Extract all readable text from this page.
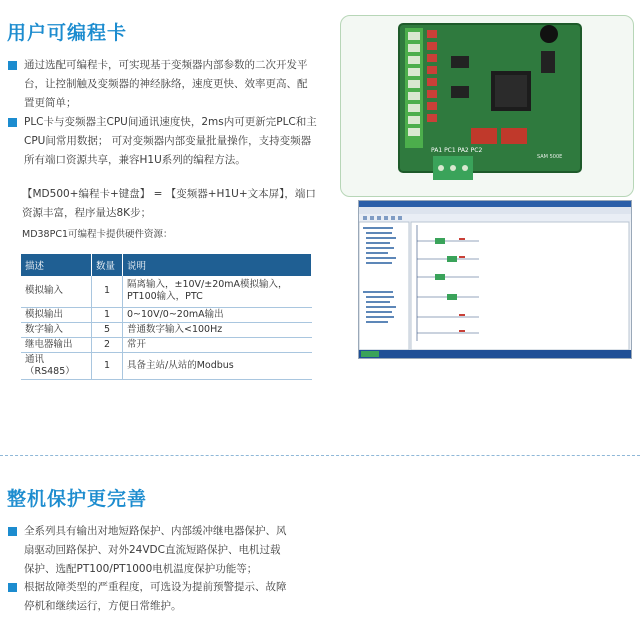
用户可编程卡
通过选配可编程卡，可实现基于变频器内部参数的二次开发平
台，让控制触及变频器的神经脉络，速度更快、效率更高、配
置更简单；
PLC卡与变频器主CPU间通讯速度快，2ms内可更新完PLC和主
CPU间常用数据； 可对变频器内部变量批量操作，支持变频器
所有端口资源共享，兼容H1U系列的编程方法。
【MD500+编程卡+键盘】 = 【变频器+H1U+文本屏】，端口
资源丰富，程序量达8K步；
MD38PC1可编程卡提供硬件资源：
描述	数量	说明
模拟输入	1	隔离输入，±10V/±20mA模拟输入，
PT100输入，PTC

模拟输出	1	0~10V/0~20mA输出
数字输入	5	普通数字输入<100Hz
继电器输出	2	常开
通讯（RS485）	1	具备主站/从站的Modbus
PA1 PC1 PA2 PC2
SAM 500E
整机保护更完善
全系列具有输出对地短路保护、内部缓冲继电器保护、风
扇驱动回路保护、对外24VDC直流短路保护、电机过载
保护、选配PT100/PT1000电机温度保护功能等；
根据故障类型的严重程度，可选设为提前预警提示、故障
停机和继续运行，方便日常维护。
